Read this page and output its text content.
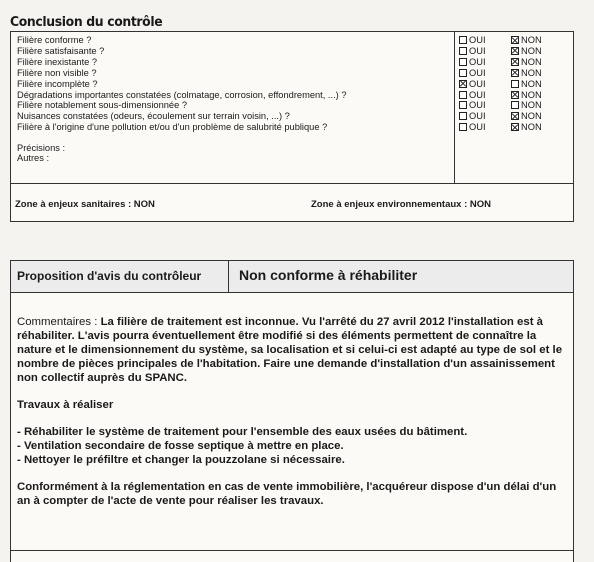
Conclusion du contrôle
Filière conforme ?	OUI	NON
Filière satisfaisante ?	OUI	NON
Filière inexistante ?	OUI	NON
Filière non visible ?	OUI	NON
Filière incomplète ?	OUI	NON
Dégradations importantes constatées (colmatage, corrosion, effondrement, ...) ?	OUI	NON
Filière notablement sous-dimensionnée ?	OUI	NON
Nuisances constatées (odeurs, écoulement sur terrain voisin, ...) ?	OUI	NON
Filière à l'origine d'une pollution et/ou d'un problème de salubrité publique ?	OUI	NON
Précisions :
Autres :
Zone à enjeux sanitaires : NON	Zone à enjeux environnementaux : NON
Proposition d'avis du contrôleur	Non conforme à réhabiliter

Commentaires : La filière de traitement est inconnue. Vu l'arrêté du 27 avril 2012 l'installation est à réhabiliter. L'avis pourra éventuellement être modifié si des éléments permettent de connaître la nature et le dimensionnement du système, sa localisation et si celui-ci est adapté au type de sol et le nombre de pièces principales de l'habitation. Faire une demande d'installation d'un assainissement non collectif auprès du SPANC.

Travaux à réaliser

- Réhabiliter le système de traitement pour l'ensemble des eaux usées du bâtiment.

- Ventilation secondaire de fosse septique à mettre en place.

- Nettoyer le préfiltre et changer la pouzzolane si nécessaire.

Conformément à la réglementation en cas de vente immobilière, l'acquéreur dispose d'un délai d'un an à compter de l'acte de vente pour réaliser les travaux.
